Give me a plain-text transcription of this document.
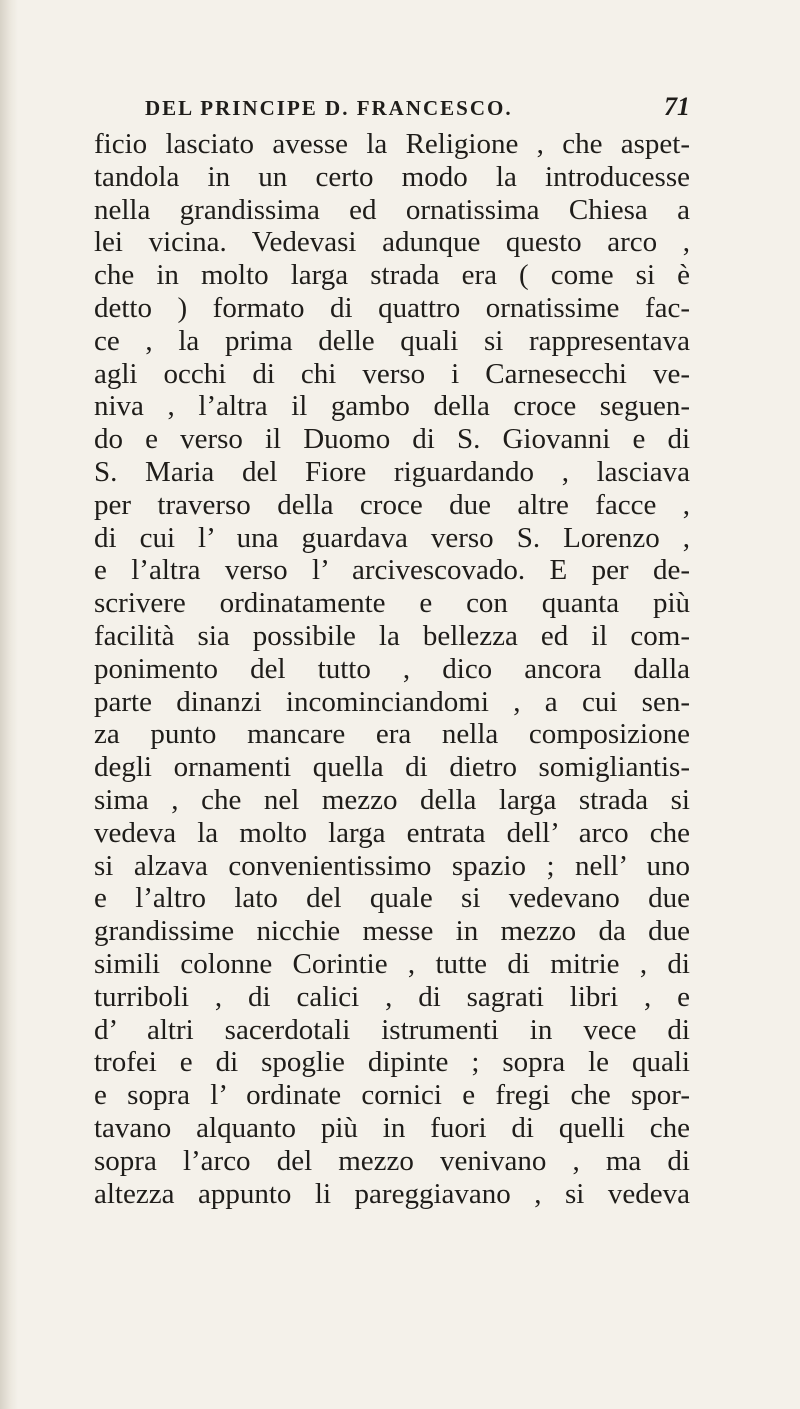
DEL PRINCIPE D. FRANCESCO.	71
ficio lasciato avesse la Religione , che aspet-
tandola in un certo modo la introducesse
nella grandissima ed ornatissima Chiesa a
lei vicina. Vedevasi adunque questo arco ,
che in molto larga strada era ( come si è
detto ) formato di quattro ornatissime fac-
ce , la prima delle quali si rappresentava
agli occhi di chi verso i Carnesecchi ve-
niva , l’altra il gambo della croce seguen-
do e verso il Duomo di S. Giovanni e di
S. Maria del Fiore riguardando , lasciava
per traverso della croce due altre facce ,
di cui l’ una guardava verso S. Lorenzo ,
e l’altra verso l’ arcivescovado. E per de-
scrivere ordinatamente e con quanta più
facilità sia possibile la bellezza ed il com-
ponimento del tutto , dico ancora dalla
parte dinanzi incominciandomi , a cui sen-
za punto mancare era nella composizione
degli ornamenti quella di dietro somigliantis-
sima , che nel mezzo della larga strada si
vedeva la molto larga entrata dell’ arco che
si alzava convenientissimo spazio ; nell’ uno
e l’altro lato del quale si vedevano due
grandissime nicchie messe in mezzo da due
simili colonne Corintie , tutte di mitrie , di
turriboli , di calici , di sagrati libri , e
d’ altri sacerdotali istrumenti in vece di
trofei e di spoglie dipinte ; sopra le quali
e sopra l’ ordinate cornici e fregi che spor-
tavano alquanto più in fuori di quelli che
sopra l’arco del mezzo venivano , ma di
altezza appunto li pareggiavano , si vedeva
